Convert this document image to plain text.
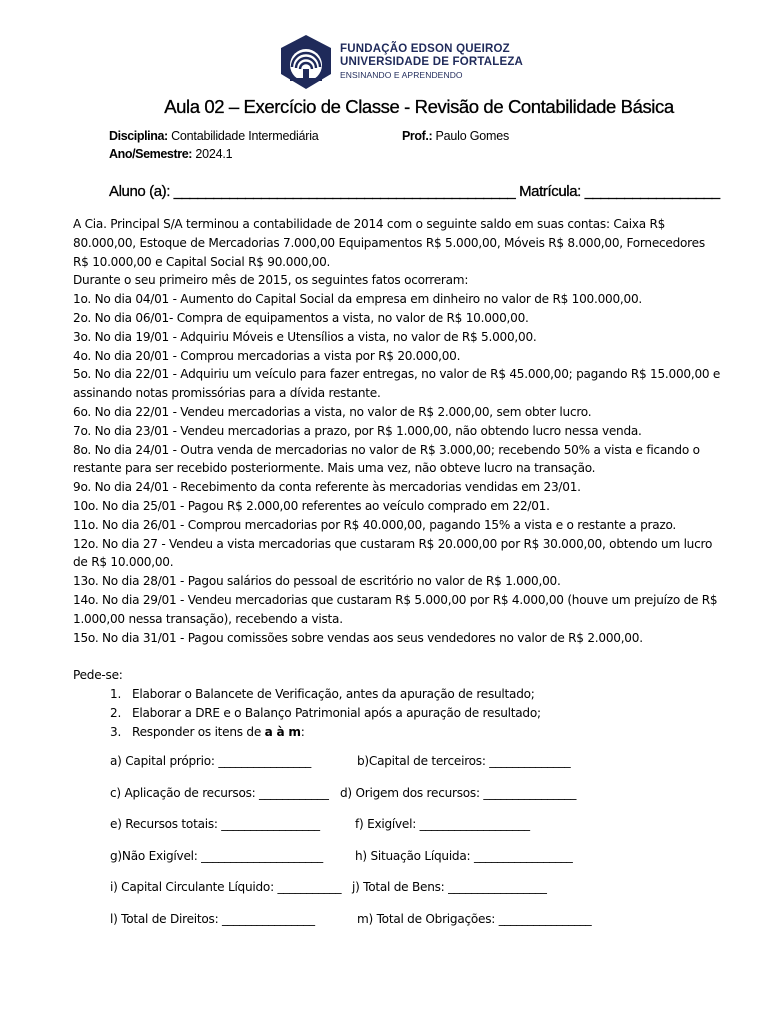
FUNDAÇÃO EDSON QUEIROZ
UNIVERSIDADE DE FORTALEZA
ENSINANDO E APRENDENDO
Aula 02 – Exercício de Classe - Revisão de Contabilidade Básica
Disciplina: Contabilidade Intermediária	Prof.: Paulo Gomes
Ano/Semestre: 2024.1
Aluno (a): ___________________________________________ Matrícula: _________________

A Cia. Principal S/A terminou a contabilidade de 2014 com o seguinte saldo em suas contas: Caixa R$ 80.000,00, Estoque de Mercadorias 7.000,00 Equipamentos R$ 5.000,00, Móveis R$ 8.000,00, Fornecedores R$ 10.000,00 e Capital Social R$ 90.000,00.

Durante o seu primeiro mês de 2015, os seguintes fatos ocorreram:

1o. No dia 04/01 - Aumento do Capital Social da empresa em dinheiro no valor de R$ 100.000,00.

2o. No dia 06/01- Compra de equipamentos a vista, no valor de R$ 10.000,00.

3o. No dia 19/01 - Adquiriu Móveis e Utensílios a vista, no valor de R$ 5.000,00.

4o. No dia 20/01 - Comprou mercadorias a vista por R$ 20.000,00.

5o. No dia 22/01 - Adquiriu um veículo para fazer entregas, no valor de R$ 45.000,00; pagando R$ 15.000,00 e assinando notas promissórias para a dívida restante.

6o. No dia 22/01 - Vendeu mercadorias a vista, no valor de R$ 2.000,00, sem obter lucro.

7o. No dia 23/01 - Vendeu mercadorias a prazo, por R$ 1.000,00, não obtendo lucro nessa venda.

8o. No dia 24/01 - Outra venda de mercadorias no valor de R$ 3.000,00; recebendo 50% a vista e ficando o restante para ser recebido posteriormente. Mais uma vez, não obteve lucro na transação.

9o. No dia 24/01 - Recebimento da conta referente às mercadorias vendidas em 23/01.

10o. No dia 25/01 - Pagou R$ 2.000,00 referentes ao veículo comprado em 22/01.

11o. No dia 26/01 - Comprou mercadorias por R$ 40.000,00, pagando 15% a vista e o restante a prazo.

12o. No dia 27 - Vendeu a vista mercadorias que custaram R$ 20.000,00 por R$ 30.000,00, obtendo um lucro de R$ 10.000,00.

13o. No dia 28/01 - Pagou salários do pessoal de escritório no valor de R$ 1.000,00.

14o. No dia 29/01 - Vendeu mercadorias que custaram R$ 5.000,00 por R$ 4.000,00 (houve um prejuízo de R$ 1.000,00 nessa transação), recebendo a vista.

15o. No dia 31/01 - Pagou comissões sobre vendas aos seus vendedores no valor de R$ 2.000,00.

Pede-se:

1. Elaborar o Balancete de Verificação, antes da apuração de resultado;
2. Elaborar a DRE e o Balanço Patrimonial após a apuração de resultado;
3. Responder os itens de a à m:
a) Capital próprio: ________________	b)Capital de terceiros: ______________
c) Aplicação de recursos: ____________ d) Origem dos recursos: ________________
e) Recursos totais: _________________	f) Exigível: ___________________
g)Não Exigível: _____________________	h) Situação Líquida: _________________
i) Capital Circulante Líquido: ___________ j) Total de Bens: _________________
l) Total de Direitos: ________________	m) Total de Obrigações: ________________
